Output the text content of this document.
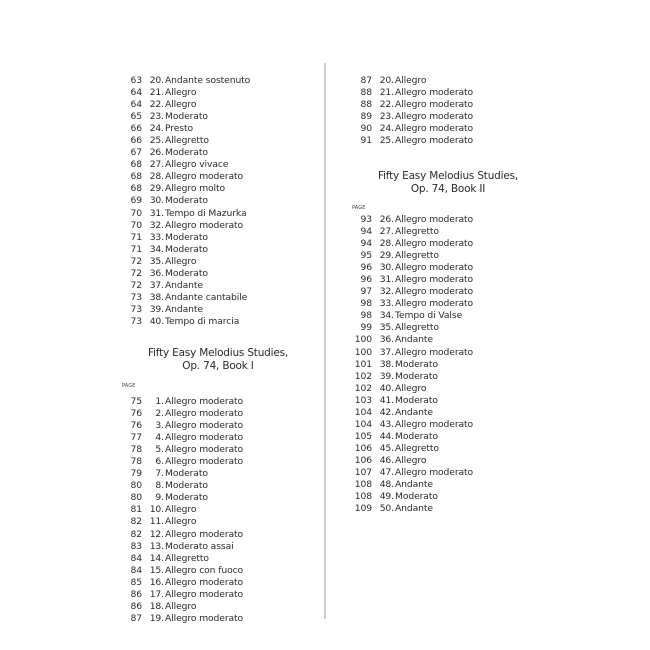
63 20. Andante sostenuto
64 21. Allegro
64 22. Allegro
65 23. Moderato
66 24. Presto
66 25. Allegretto
67 26. Moderato
68 27. Allegro vivace
68 28. Allegro moderato
68 29. Allegro molto
69 30. Moderato
70 31. Tempo di Mazurka
70 32. Allegro moderato
71 33. Moderato
71 34. Moderato
72 35. Allegro
72 36. Moderato
72 37. Andante
73 38. Andante cantabile
73 39. Andante
73 40. Tempo di marcia
Fifty Easy Melodius Studies,
Op. 74, Book I
PAGE
75	1. Allegro moderato
76	2. Allegro moderato
76	3. Allegro moderato
77	4. Allegro moderato
78	5. Allegro moderato
78	6. Allegro moderato
79	7. Moderato
80	8. Moderato
80	9. Moderato
81 10. Allegro
82 11. Allegro
82 12. Allegro moderato
83 13. Moderato assai
84 14. Allegretto
84 15. Allegro con fuoco
85 16. Allegro moderato
86 17. Allegro moderato
86 18. Allegro
87 19. Allegro moderato
87 20. Allegro
88 21. Allegro moderato
88 22. Allegro moderato
89 23. Allegro moderato
90 24. Allegro moderato
91 25. Allegro moderato
Fifty Easy Melodius Studies,
Op. 74, Book II
PAGE
93 26. Allegro moderato
94 27. Allegretto
94 28. Allegro moderato
95 29. Allegretto
96 30. Allegro moderato
96 31. Allegro moderato
97 32. Allegro moderato
98 33. Allegro moderato
98 34. Tempo di Valse
99 35. Allegretto
100 36. Andante
100 37. Allegro moderato
101 38. Moderato
102 39. Moderato
102 40. Allegro
103 41. Moderato
104 42. Andante
104 43. Allegro moderato
105 44. Moderato
106 45. Allegretto
106 46. Allegro
107 47. Allegro moderato
108 48. Andante
108 49. Moderato
109 50. Andante
